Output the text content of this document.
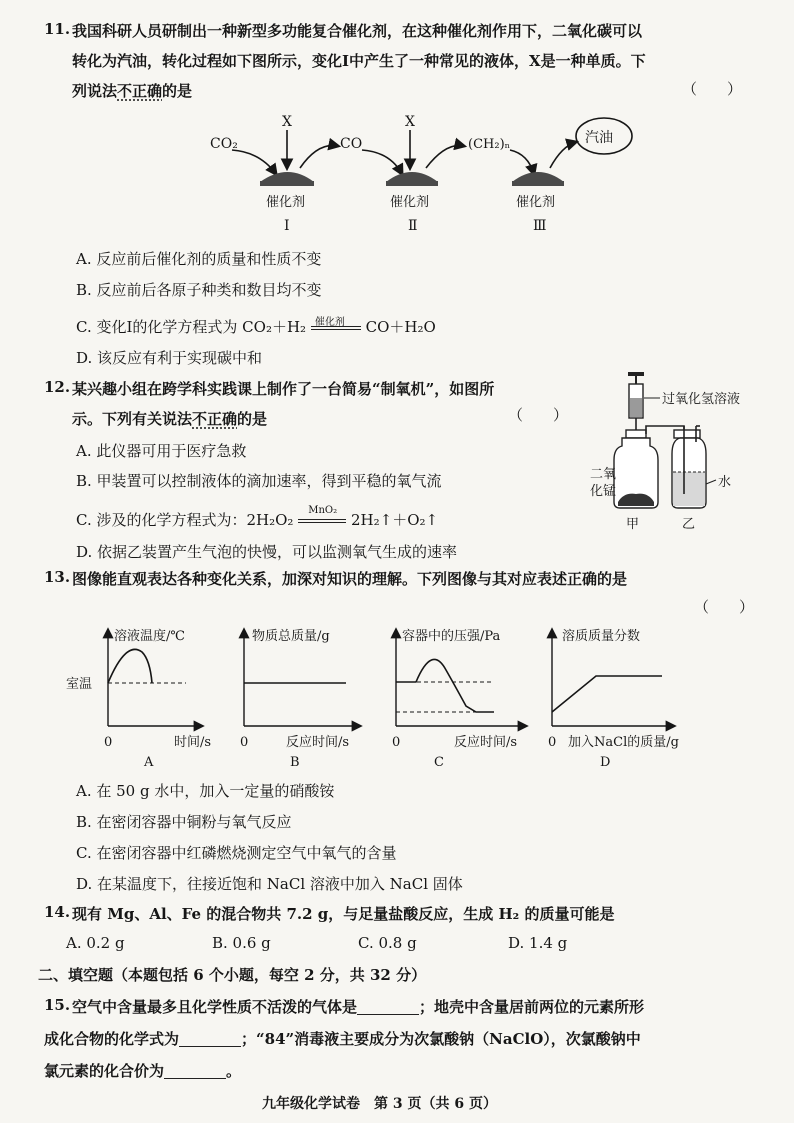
11. 我国科研人员研制出一种新型多功能复合催化剂，在这种催化剂作用下，二氧化碳可以
转化为汽油，转化过程如下图所示，变化Ⅰ中产生了一种常见的液体，X是一种单质。下
列说法不正确的是	（　　）
CO₂
X
催化剂
Ⅰ
CO
X
催化剂
Ⅱ
(CH₂)ₙ	汽油
催化剂
Ⅲ
A. 反应前后催化剂的质量和性质不变
B. 反应前后各原子种类和数目均不变
C. 变化Ⅰ的化学方程式为 CO₂＋H₂ 催化剂 CO＋H₂O
D. 该反应有利于实现碳中和
12. 某兴趣小组在跨学科实践课上制作了一台简易“制氧机”，如图所
示。下列有关说法不正确的是	（　　）
A. 此仪器可用于医疗急救
B. 甲装置可以控制液体的滴加速率，得到平稳的氧气流
C. 涉及的化学方程式为：2H₂O₂
MnO₂
2H₂↑＋O₂↑
D. 依据乙装置产生气泡的快慢，可以监测氧气生成的速率
过氧化氢溶液
水
二氧
化锰
甲	乙
13. 图像能直观表达各种变化关系，加深对知识的理解。下列图像与其对应表述正确的是
（　　）
溶液温度/℃
室温
0	时间/s
A
物质总质量/g
0	反应时间/s
B
容器中的压强/Pa
0	反应时间/s
C
溶质质量分数
0 加入NaCl的质量/g
D
A. 在 50 g 水中，加入一定量的硝酸铵
B. 在密闭容器中铜粉与氧气反应
C. 在密闭容器中红磷燃烧测定空气中氧气的含量
D. 在某温度下，往接近饱和 NaCl 溶液中加入 NaCl 固体
14. 现有 Mg、Al、Fe 的混合物共 7.2 g，与足量盐酸反应，生成 H₂ 的质量可能是
A. 0.2 g	B. 0.6 g	C. 0.8 g	D. 1.4 g
二、填空题（本题包括 6 个小题，每空 2 分，共 32 分）
15. 空气中含量最多且化学性质不活泼的气体是	；地壳中含量居前两位的元素所形
成化合物的化学式为	；“84”消毒液主要成分为次氯酸钠（NaClO），次氯酸钠中
氯元素的化合价为	。
九年级化学试卷　第 3 页（共 6 页）
